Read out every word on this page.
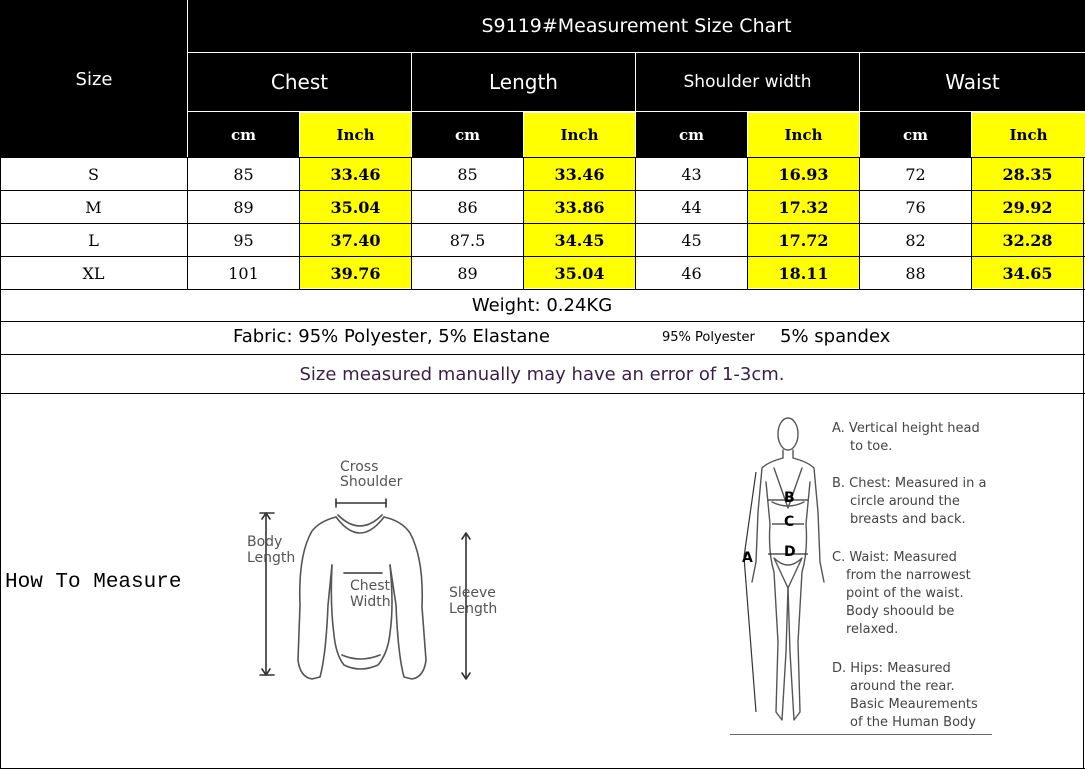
Size
S9119#Measurement Size Chart
Chest	Length	Shoulder width	Waist
cm	Inch	cm	Inch	cm	Inch	cm	Inch
S	85	33.46	85	33.46	43	16.93	72	28.35
M	89	35.04	86	33.86	44	17.32	76	29.92
L	95	37.40	87.5	34.45	45	17.72	82	32.28
XL	101	39.76	89	35.04	46	18.11	88	34.65
Weight: 0.24KG
Fabric: 95% Polyester, 5% Elastane	95% Polyester 5% spandex
Size measured manually may have an error of 1-3cm.
How To Measure
Cross
Shoulder
Body
Length
Chest
Width
Sleeve
Length
A
B
C
D
A. Vertical height head
to toe.
B. Chest: Measured in a
circle around the
breasts and back.
C. Waist: Measured
from the narrowest
point of the waist.
Body shoould be
relaxed.
D. Hips: Measured
around the rear.
Basic Meaurements
of the Human Body
